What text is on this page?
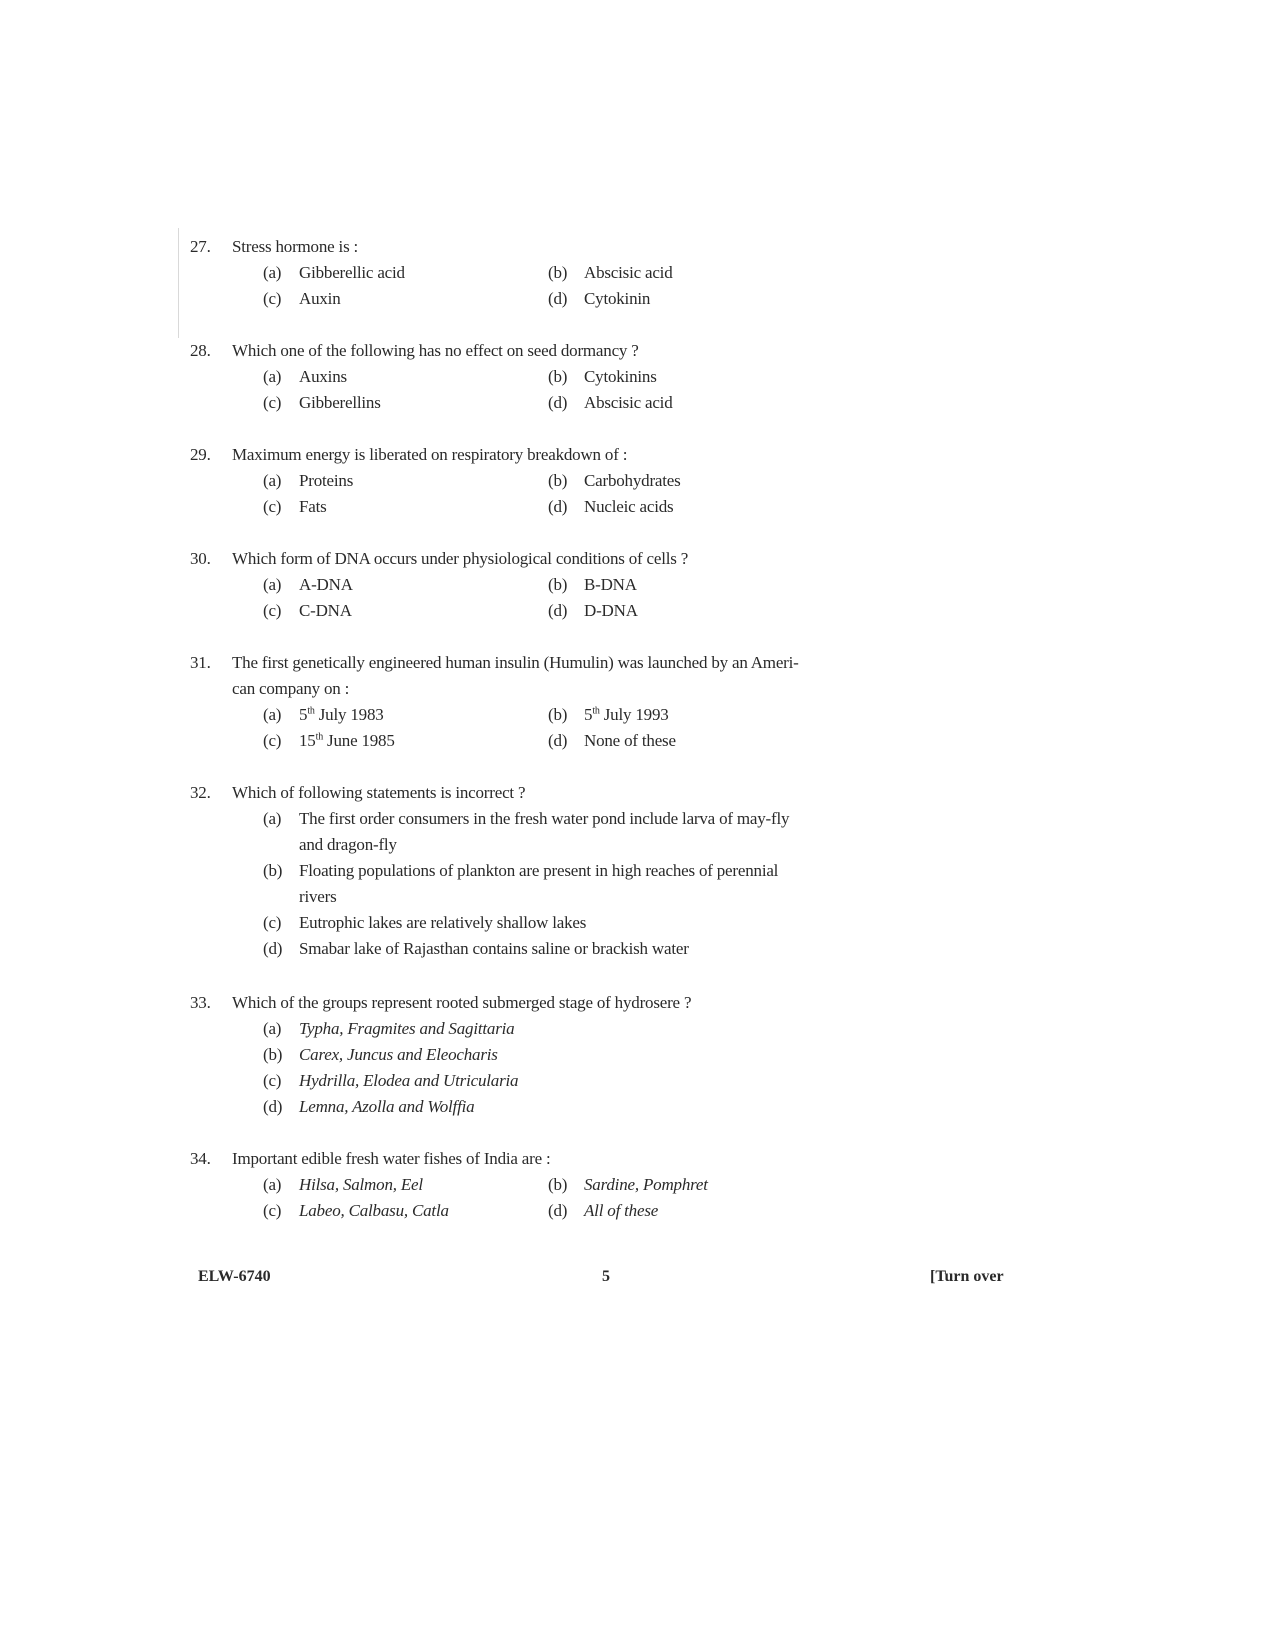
27.	Stress hormone is :
(a)	Gibberellic acid	(b) Abscisic acid
(c)	Auxin	(d) Cytokinin
28.	Which one of the following has no effect on seed dormancy ?
(a)	Auxins	(b) Cytokinins
(c)	Gibberellins	(d) Abscisic acid
29.	Maximum energy is liberated on respiratory breakdown of :
(a)	Proteins	(b) Carbohydrates
(c)	Fats	(d) Nucleic acids
30.	Which form of DNA occurs under physiological conditions of cells ?
(a)	A-DNA	(b) B-DNA
(c)	C-DNA	(d) D-DNA
31.	The first genetically engineered human insulin (Humulin) was launched by an Ameri-
can company on :
(a)	5th July 1983	(b) 5th July 1993
(c)	15th June 1985	(d) None of these
32.	Which of following statements is incorrect ?
(a)	The first order consumers in the fresh water pond include larva of may-fly
and dragon-fly
(b) Floating populations of plankton are present in high reaches of perennial
rivers
(c)	Eutrophic lakes are relatively shallow lakes
(d) Smabar lake of Rajasthan contains saline or brackish water
33.	Which of the groups represent rooted submerged stage of hydrosere ?
(a)	Typha, Fragmites and Sagittaria
(b) Carex, Juncus and Eleocharis
(c)	Hydrilla, Elodea and Utricularia
(d) Lemna, Azolla and Wolffia
34.	Important edible fresh water fishes of India are :
(a)	Hilsa, Salmon, Eel	(b) Sardine, Pomphret
(c)	Labeo, Calbasu, Catla	(d) All of these
ELW-6740	5	[Turn over
